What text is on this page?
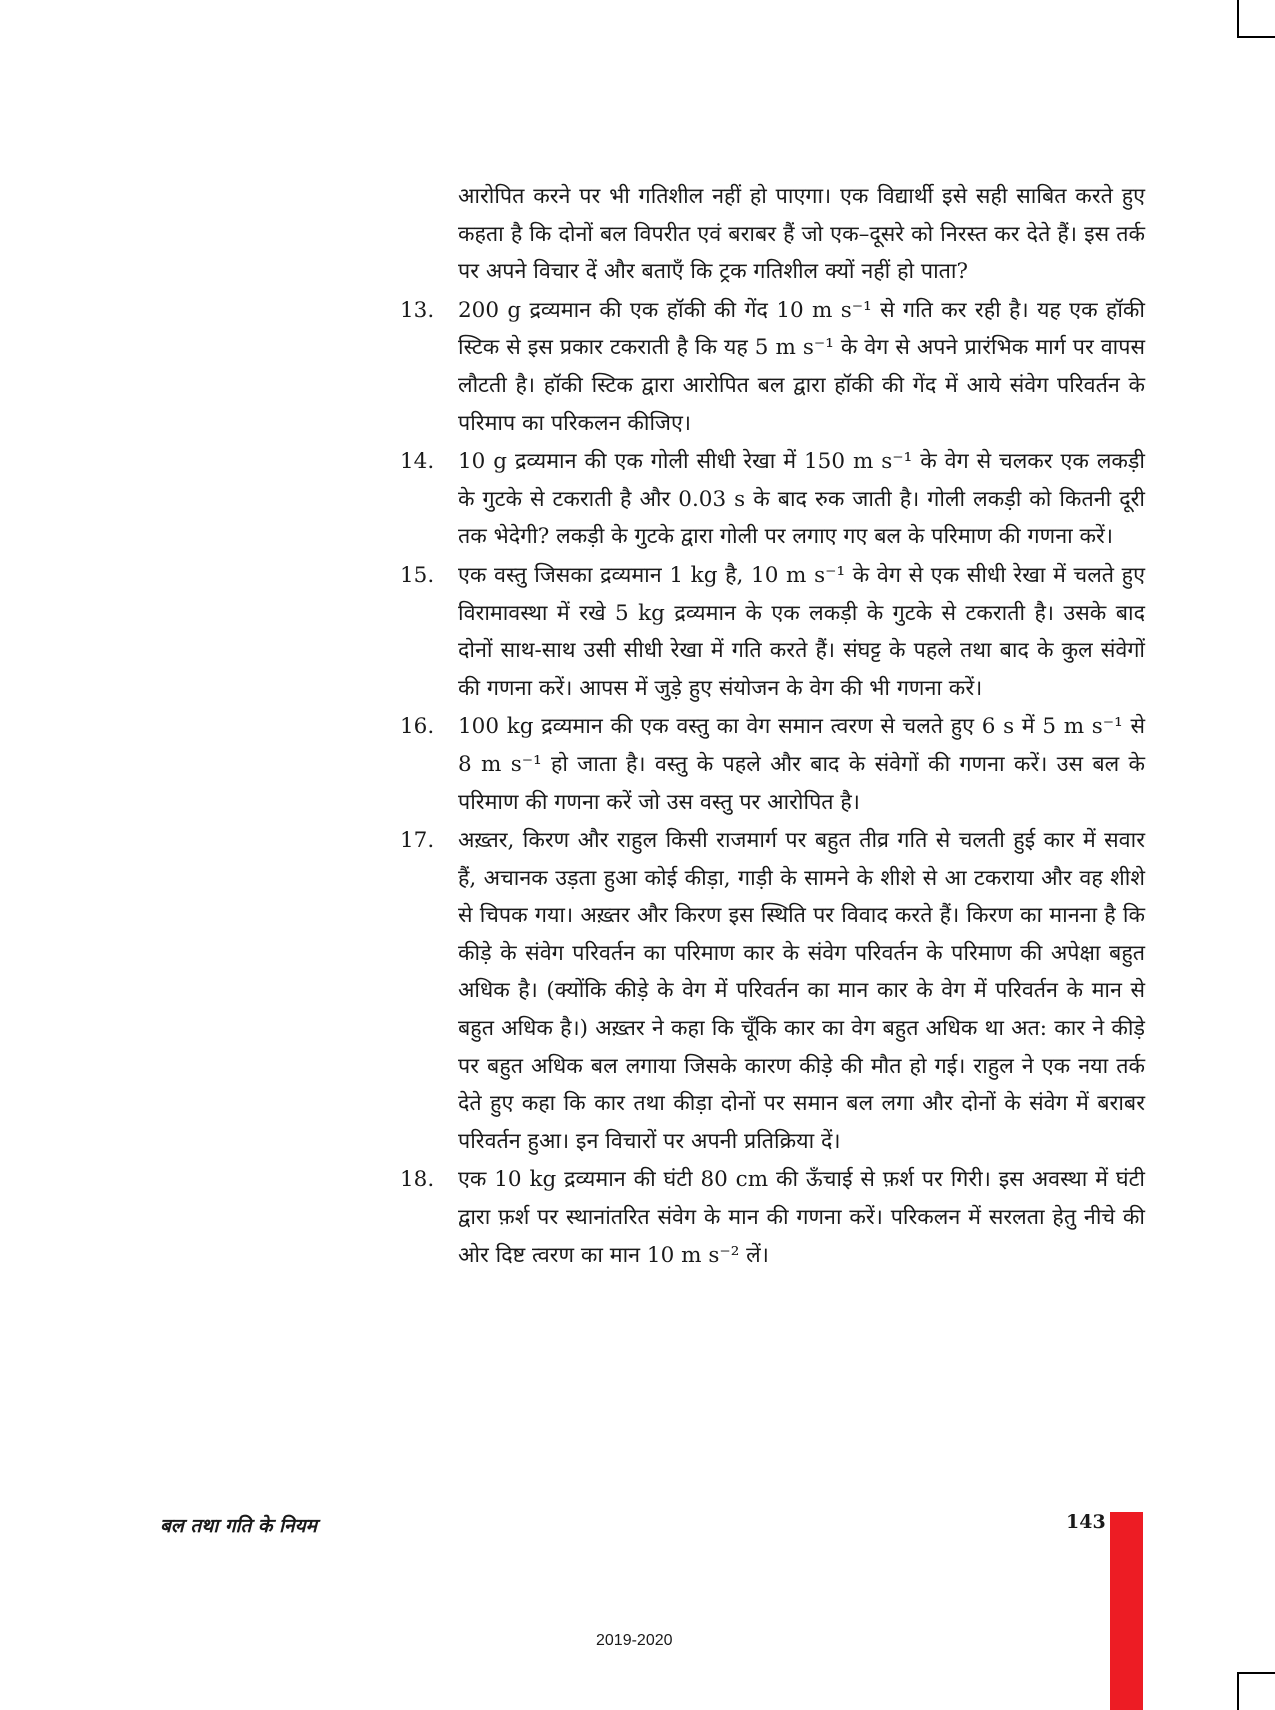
आरोपित करने पर भी गतिशील नहीं हो पाएगा। एक विद्यार्थी इसे सही साबित करते हुए कहता है कि दोनों बल विपरीत एवं बराबर हैं जो एक–दूसरे को निरस्त कर देते हैं। इस तर्क पर अपने विचार दें और बताएँ कि ट्रक गतिशील क्यों नहीं हो पाता?

13. 200 g द्रव्यमान की एक हॉकी की गेंद 10 m s⁻¹ से गति कर रही है। यह एक हॉकी स्टिक से इस प्रकार टकराती है कि यह 5 m s⁻¹ के वेग से अपने प्रारंभिक मार्ग पर वापस लौटती है। हॉकी स्टिक द्वारा आरोपित बल द्वारा हॉकी की गेंद में आये संवेग परिवर्तन के परिमाप का परिकलन कीजिए।

14. 10 g द्रव्यमान की एक गोली सीधी रेखा में 150 m s⁻¹ के वेग से चलकर एक लकड़ी के गुटके से टकराती है और 0.03 s के बाद रुक जाती है। गोली लकड़ी को कितनी दूरी तक भेदेगी? लकड़ी के गुटके द्वारा गोली पर लगाए गए बल के परिमाण की गणना करें।

15. एक वस्तु जिसका द्रव्यमान 1 kg है, 10 m s⁻¹ के वेग से एक सीधी रेखा में चलते हुए विरामावस्था में रखे 5 kg द्रव्यमान के एक लकड़ी के गुटके से टकराती है। उसके बाद दोनों साथ-साथ उसी सीधी रेखा में गति करते हैं। संघट्ट के पहले तथा बाद के कुल संवेगों की गणना करें। आपस में जुड़े हुए संयोजन के वेग की भी गणना करें।

16. 100 kg द्रव्यमान की एक वस्तु का वेग समान त्वरण से चलते हुए 6 s में 5 m s⁻¹ से 8 m s⁻¹ हो जाता है। वस्तु के पहले और बाद के संवेगों की गणना करें। उस बल के परिमाण की गणना करें जो उस वस्तु पर आरोपित है।

17. अख़्तर, किरण और राहुल किसी राजमार्ग पर बहुत तीव्र गति से चलती हुई कार में सवार हैं, अचानक उड़ता हुआ कोई कीड़ा, गाड़ी के सामने के शीशे से आ टकराया और वह शीशे से चिपक गया। अख़्तर और किरण इस स्थिति पर विवाद करते हैं। किरण का मानना है कि कीड़े के संवेग परिवर्तन का परिमाण कार के संवेग परिवर्तन के परिमाण की अपेक्षा बहुत अधिक है। (क्योंकि कीड़े के वेग में परिवर्तन का मान कार के वेग में परिवर्तन के मान से बहुत अधिक है।) अख़्तर ने कहा कि चूँकि कार का वेग बहुत अधिक था अत: कार ने कीड़े पर बहुत अधिक बल लगाया जिसके कारण कीड़े की मौत हो गई। राहुल ने एक नया तर्क देते हुए कहा कि कार तथा कीड़ा दोनों पर समान बल लगा और दोनों के संवेग में बराबर परिवर्तन हुआ। इन विचारों पर अपनी प्रतिक्रिया दें।

18. एक 10 kg द्रव्यमान की घंटी 80 cm की ऊँचाई से फ़र्श पर गिरी। इस अवस्था में घंटी द्वारा फ़र्श पर स्थानांतरित संवेग के मान की गणना करें। परिकलन में सरलता हेतु नीचे की ओर दिष्ट त्वरण का मान 10 m s⁻² लें।

बल तथा गति के नियम	143
2019-2020
